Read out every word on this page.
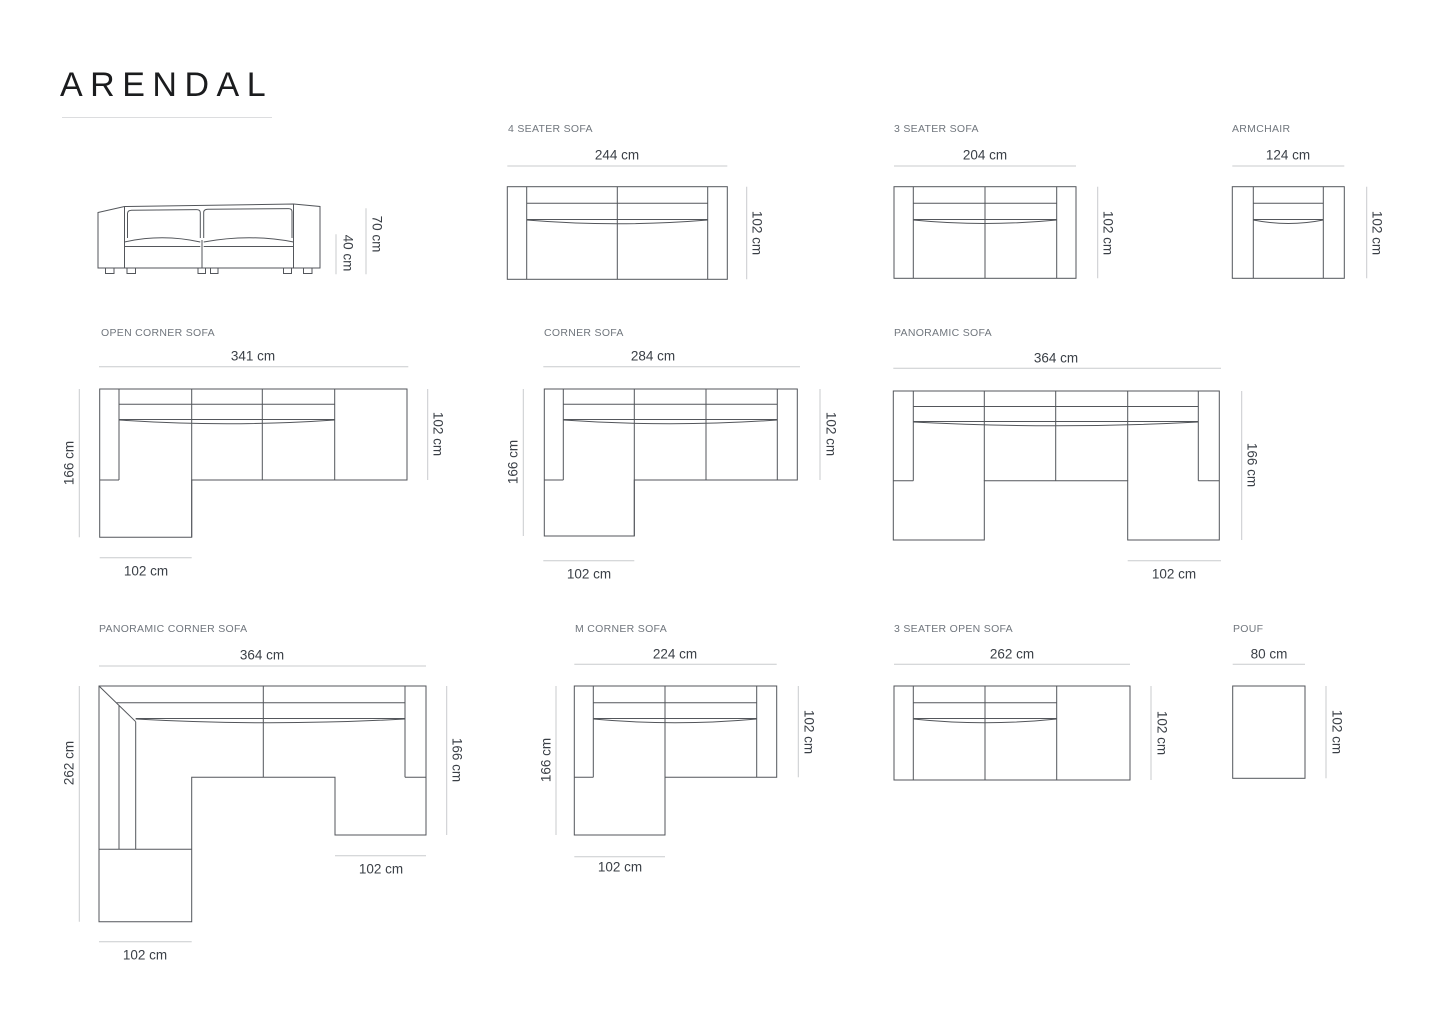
ARENDAL
4 SEATER SOFA	3 SEATER SOFA	ARMCHAIR
OPEN CORNER SOFA	CORNER SOFA	PANORAMIC SOFA
PANORAMIC CORNER SOFA	M CORNER SOFA	3 SEATER OPEN SOFA	POUF
40 cm
70 cm
244 cm
102 cm
204 cm
102 cm
124 cm
102 cm
341 cm
166 cm
102 cm
102 cm
284 cm
166 cm
102 cm
102 cm
364 cm
166 cm
102 cm
364 cm
262 cm	166 cm
102 cm
102 cm
224 cm
166 cm
102 cm
102 cm
262 cm
102 cm
80 cm
102 cm
